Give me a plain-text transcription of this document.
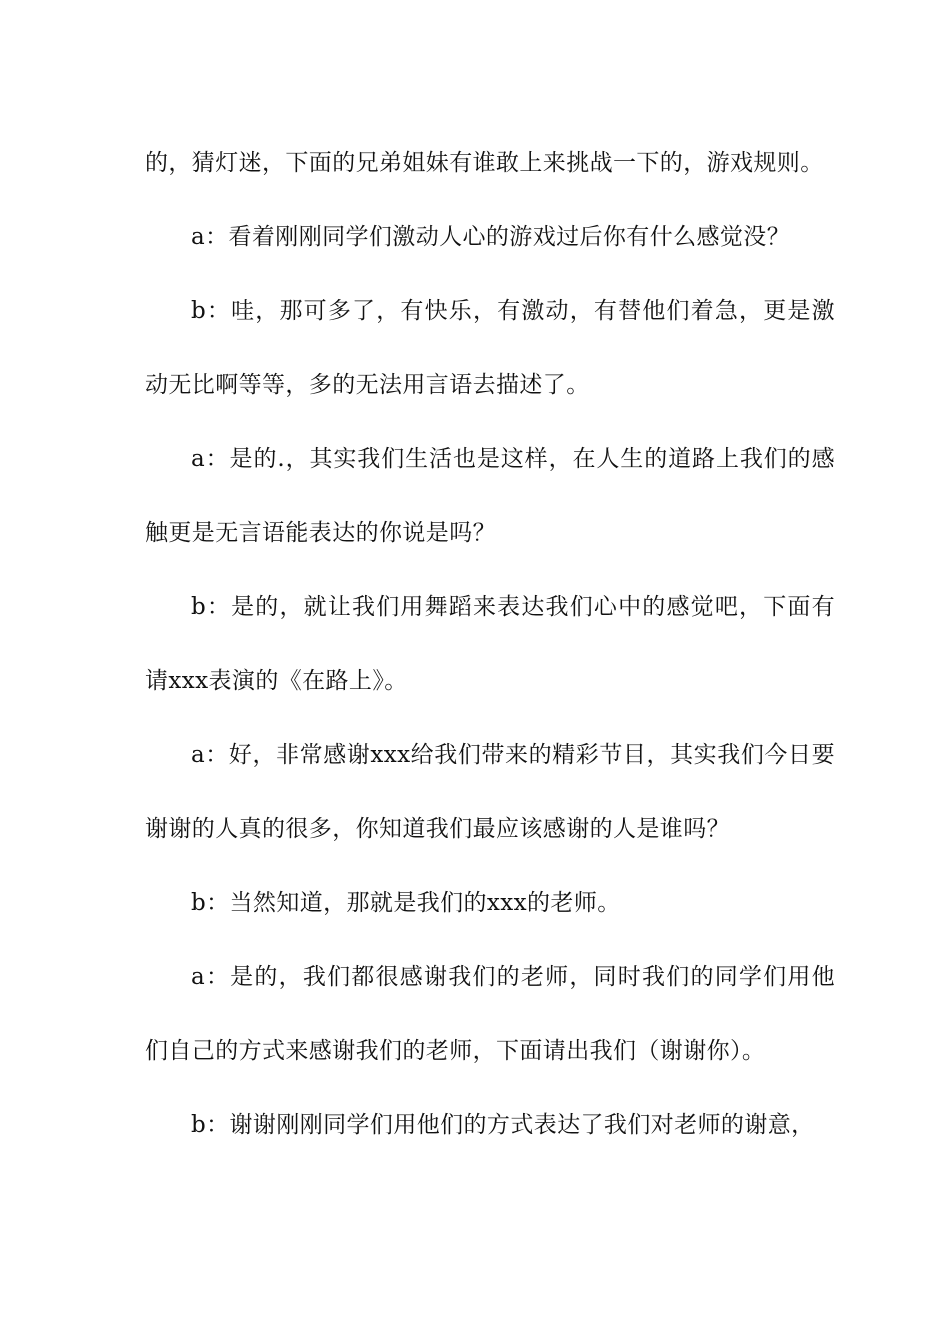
的，猜灯迷，下面的兄弟姐妹有谁敢上来挑战一下的，游戏规则。

a：看着刚刚同学们激动人心的游戏过后你有什么感觉没？

b：哇，那可多了，有快乐，有激动，有替他们着急，更是激动无比啊等等，多的无法用言语去描述了。

a：是的.，其实我们生活也是这样，在人生的道路上我们的感触更是无言语能表达的你说是吗？

b：是的，就让我们用舞蹈来表达我们心中的感觉吧，下面有请xxx表演的《在路上》。

a：好，非常感谢xxx给我们带来的精彩节目，其实我们今日要谢谢的人真的很多，你知道我们最应该感谢的人是谁吗？

b：当然知道，那就是我们的xxx的老师。

a：是的，我们都很感谢我们的老师，同时我们的同学们用他们自己的方式来感谢我们的老师，下面请出我们（谢谢你）。

b：谢谢刚刚同学们用他们的方式表达了我们对老师的谢意，
